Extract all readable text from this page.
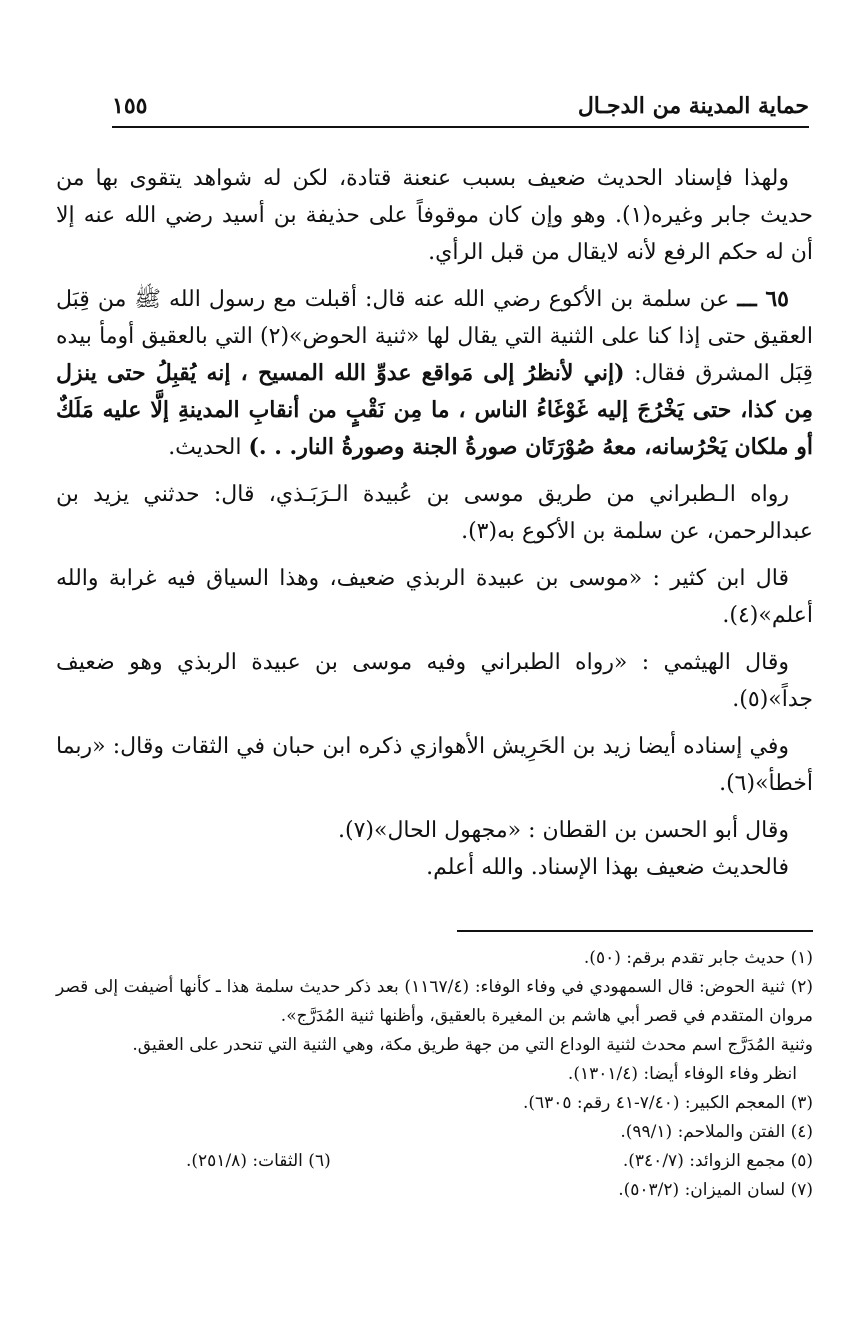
حماية المدينة من الدجـال
١٥٥

ولهذا فإسناد الحديث ضعيف بسبب عنعنة قتادة، لكن له شواهد يتقوى بها من حديث جابر وغيره(١). وهو وإن كان موقوفاً على حذيفة بن أسيد رضي الله عنه إلا أن له حكم الرفع لأنه لايقال من قبل الرأي.

٦٥ ـــ عن سلمة بن الأكوع رضي الله عنه قال: أقبلت مع رسول الله ﷺ من قِبَل العقيق حتى إذا كنا على الثنية التي يقال لها «ثنية الحوض»(٢) التي بالعقيق أومأ بيده قِبَل المشرق فقال: (إني لأنظرُ إلى مَواقع عدوِّ الله المسيح ، إنه يُقبِلُ حتى ينزل مِن كذا، حتى يَخْرُجَ إليه غَوْغَاءُ الناس ، ما مِن نَقْبٍ من أنقابِ المدينةِ إلَّا عليه مَلَكٌ أو ملكان يَحْرُسانه، معهُ صُوْرَتَان صورةُ الجنة وصورةُ النار. . .) الحديث.

رواه الـطبراني من طريق موسى بن عُبيدة الـرَبَـذي، قال: حدثني يزيد بن عبدالرحمن، عن سلمة بن الأكوع به(٣).

قال ابن كثير : «موسى بن عبيدة الربذي ضعيف، وهذا السياق فيه غرابة والله أعلم»(٤).

وقال الهيثمي : «رواه الطبراني وفيه موسى بن عبيدة الربذي وهو ضعيف جداً»(٥).

وفي إسناده أيضا زيد بن الحَرِيش الأهوازي ذكره ابن حبان في الثقات وقال: «ربما أخطأ»(٦).

وقال أبو الحسن بن القطان : «مجهول الحال»(٧).

فالحديث ضعيف بهذا الإسناد. والله أعلم.

(١) حديث جابر تقدم برقم: (٥٠).

(٢) ثنية الحوض: قال السمهودي في وفاء الوفاء: (١١٦٧/٤) بعد ذكر حديث سلمة هذا ـ كأنها أضيفت إلى قصر مروان المتقدم في قصر أبي هاشم بن المغيرة بالعقيق، وأظنها ثنية المُدَرَّج».

وثنية المُدَرَّج اسم محدث لثنية الوداع التي من جهة طريق مكة، وهي الثنية التي تنحدر على العقيق.

انظر وفاء الوفاء أيضا: (١٣٠١/٤).

(٣) المعجم الكبير: (٧/٤٠-٤١ رقم: ٦٣٠٥).

(٤) الفتن والملاحم: (٩٩/١).

(٥) مجمع الزوائد: (٣٤٠/٧).
(٦) الثقات: (٢٥١/٨).

(٧) لسان الميزان: (٥٠٣/٢).
